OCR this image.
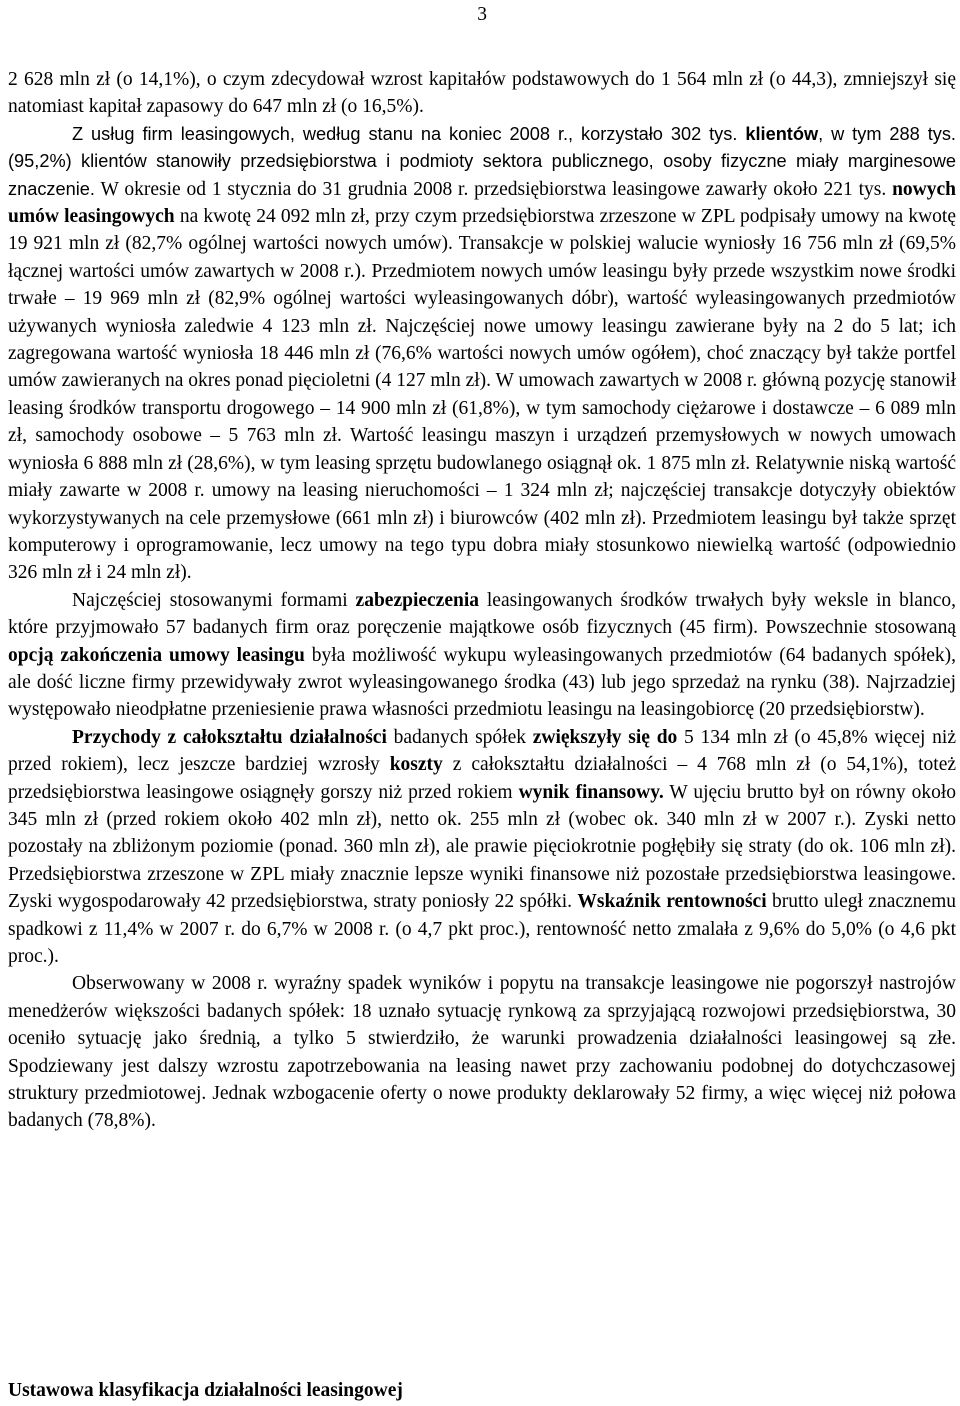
3

2 628 mln zł (o 14,1%), o czym zdecydował wzrost kapitałów podstawowych do 1 564 mln zł (o 44,3), zmniejszył się natomiast kapitał zapasowy do 647 mln zł (o 16,5%).

Z usług firm leasingowych, według stanu na koniec 2008 r., korzystało 302 tys. klientów, w tym 288 tys. (95,2%) klientów stanowiły przedsiębiorstwa i podmioty sektora publicznego, osoby fizyczne miały marginesowe znaczenie. W okresie od 1 stycznia do 31 grudnia 2008 r. przedsiębiorstwa leasingowe zawarły około 221 tys. nowych umów leasingowych na kwotę 24 092 mln zł, przy czym przedsiębiorstwa zrzeszone w ZPL podpisały umowy na kwotę 19 921 mln zł (82,7% ogólnej wartości nowych umów). Transakcje w polskiej walucie wyniosły 16 756 mln zł (69,5% łącznej wartości umów zawartych w 2008 r.). Przedmiotem nowych umów leasingu były przede wszystkim nowe środki trwałe – 19 969 mln zł (82,9% ogólnej wartości wyleasingowanych dóbr), wartość wyleasingowanych przedmiotów używanych wyniosła zaledwie 4 123 mln zł. Najczęściej nowe umowy leasingu zawierane były na 2 do 5 lat; ich zagregowana wartość wyniosła 18 446 mln zł (76,6% wartości nowych umów ogółem), choć znaczący był także portfel umów zawieranych na okres ponad pięcioletni (4 127 mln zł). W umowach zawartych w 2008 r. główną pozycję stanowił leasing środków transportu drogowego – 14 900 mln zł (61,8%), w tym samochody ciężarowe i dostawcze – 6 089 mln zł, samochody osobowe – 5 763 mln zł. Wartość leasingu maszyn i urządzeń przemysłowych w nowych umowach wyniosła 6 888 mln zł (28,6%), w tym leasing sprzętu budowlanego osiągnął ok. 1 875 mln zł. Relatywnie niską wartość miały zawarte w 2008 r. umowy na leasing nieruchomości – 1 324 mln zł; najczęściej transakcje dotyczyły obiektów wykorzystywanych na cele przemysłowe (661 mln zł) i biurowców (402 mln zł). Przedmiotem leasingu był także sprzęt komputerowy i oprogramowanie, lecz umowy na tego typu dobra miały stosunkowo niewielką wartość (odpowiednio 326 mln zł i 24 mln zł).

Najczęściej stosowanymi formami zabezpieczenia leasingowanych środków trwałych były weksle in blanco, które przyjmowało 57 badanych firm oraz poręczenie majątkowe osób fizycznych (45 firm). Powszechnie stosowaną opcją zakończenia umowy leasingu była możliwość wykupu wyleasingowanych przedmiotów (64 badanych spółek), ale dość liczne firmy przewidywały zwrot wyleasingowanego środka (43) lub jego sprzedaż na rynku (38). Najrzadziej występowało nieodpłatne przeniesienie prawa własności przedmiotu leasingu na leasingobiorcę (20 przedsiębiorstw).

Przychody z całokształtu działalności badanych spółek zwiększyły się do 5 134 mln zł (o 45,8% więcej niż przed rokiem), lecz jeszcze bardziej wzrosły koszty z całokształtu działalności – 4 768 mln zł (o 54,1%), toteż przedsiębiorstwa leasingowe osiągnęły gorszy niż przed rokiem wynik finansowy. W ujęciu brutto był on równy około 345 mln zł (przed rokiem około 402 mln zł), netto ok. 255 mln zł (wobec ok. 340 mln zł w 2007 r.). Zyski netto pozostały na zbliżonym poziomie (ponad. 360 mln zł), ale prawie pięciokrotnie pogłębiły się straty (do ok. 106 mln zł). Przedsiębiorstwa zrzeszone w ZPL miały znacznie lepsze wyniki finansowe niż pozostałe przedsiębiorstwa leasingowe. Zyski wygospodarowały 42 przedsiębiorstwa, straty poniosły 22 spółki. Wskaźnik rentowności brutto uległ znacznemu spadkowi z 11,4% w 2007 r. do 6,7% w 2008 r. (o 4,7 pkt proc.), rentowność netto zmalała z 9,6% do 5,0% (o 4,6 pkt proc.).

Obserwowany w 2008 r. wyraźny spadek wyników i popytu na transakcje leasingowe nie pogorszył nastrojów menedżerów większości badanych spółek: 18 uznało sytuację rynkową za sprzyjającą rozwojowi przedsiębiorstwa, 30 oceniło sytuację jako średnią, a tylko 5 stwierdziło, że warunki prowadzenia działalności leasingowej są złe. Spodziewany jest dalszy wzrostu zapotrzebowania na leasing nawet przy zachowaniu podobnej do dotychczasowej struktury przedmiotowej. Jednak wzbogacenie oferty o nowe produkty deklarowały 52 firmy, a więc więcej niż połowa badanych (78,8%).

Ustawowa klasyfikacja działalności leasingowej
